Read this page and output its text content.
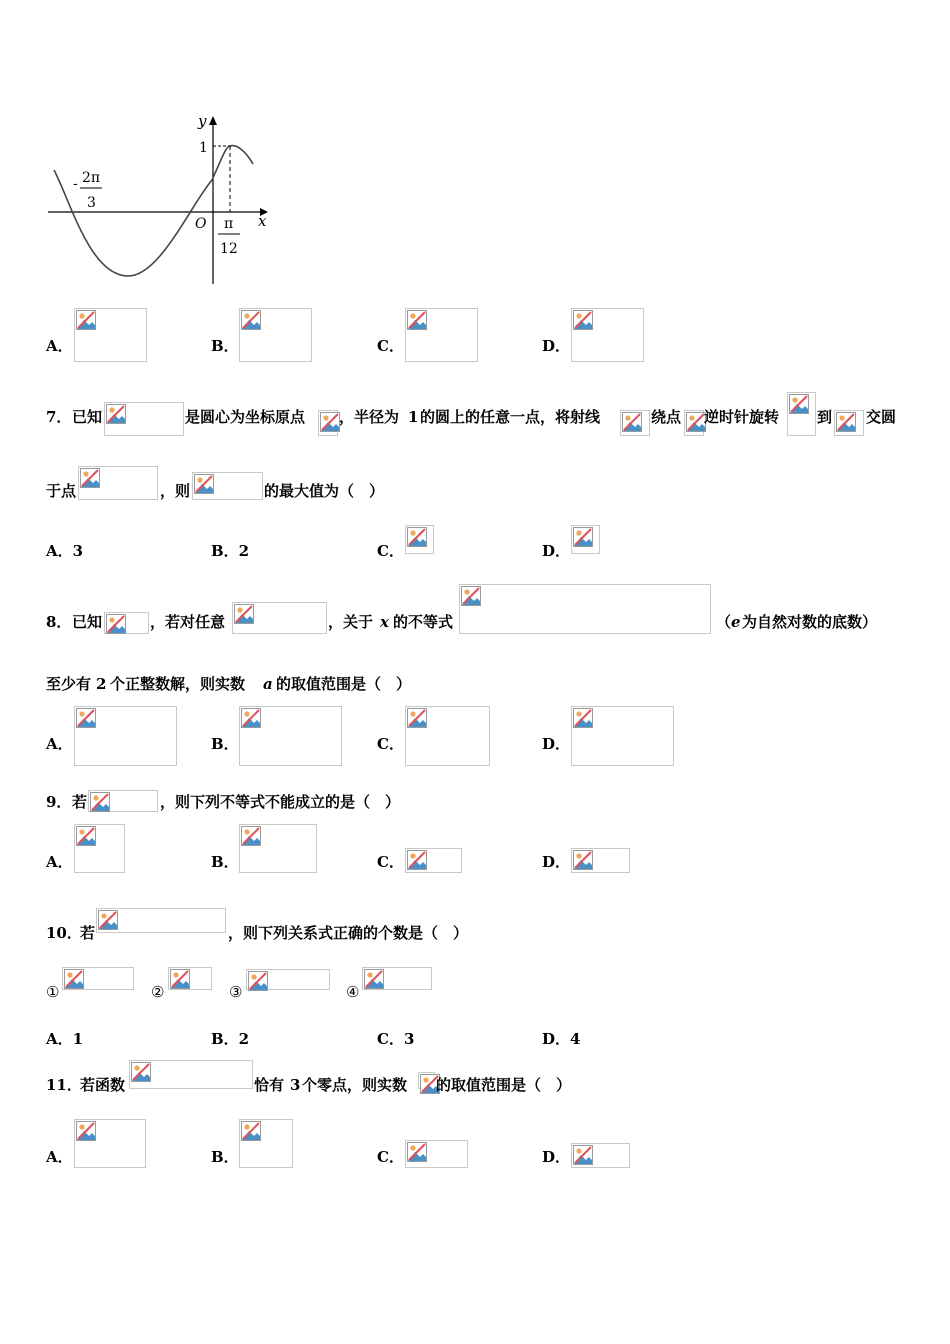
y
x
O
1
- 2π
3
π
12
A．	B．	C．	D．
7． 已知	是圆心为坐标原点 ，半径为 1 的圆上的任意一点，将射线	绕点 逆时针旋转	到 交圆
于点	，则	的最大值为（　）
A．3	B．2	C．	D．
8． 已知	，若对任意	，关于 x 的不等式	（ e 为自然对数的底数）
至少有 2 个正整数解，则实数 a 的取值范围是（　）
A．	B．	C．	D．
9． 若	，则下列不等式不能成立的是（　）
A．	B．	C．	D．
10．
若	，则下列关系式正确的个数是（　）
①	②	③	④
A．1	B．2	C．3	D．4
11．
若函数	恰有 3 个零点，则实数 的取值范围是（　）
A．	B．	C．	D．
